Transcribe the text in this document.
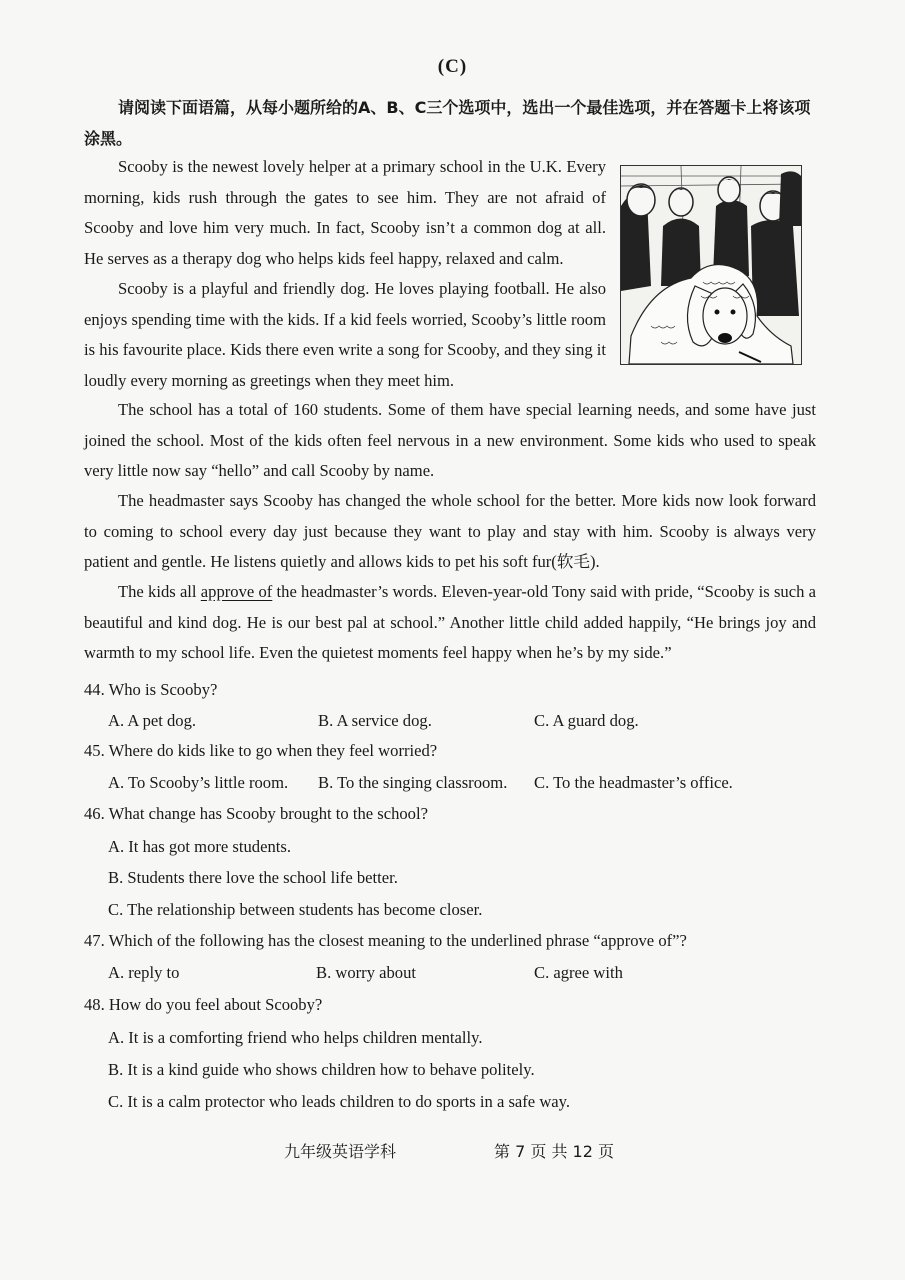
(C)

请阅读下面语篇，从每小题所给的A、B、C三个选项中，选出一个最佳选项，并在答题卡上将该项涂黑。

Scooby is the newest lovely helper at a primary school in the U.K. Every morning, kids rush through the gates to see him. They are not afraid of Scooby and love him very much. In fact, Scooby isn’t a common dog at all. He serves as a therapy dog who helps kids feel happy, relaxed and calm.

Scooby is a playful and friendly dog. He loves playing football. He also enjoys spending time with the kids. If a kid feels worried, Scooby’s little room is his favourite place. Kids there even write a song for Scooby, and they sing it loudly every morning as greetings when they meet him.

The school has a total of 160 students. Some of them have special learning needs, and some have just joined the school. Most of the kids often feel nervous in a new environment. Some kids who used to speak very little now say “hello” and call Scooby by name.

The headmaster says Scooby has changed the whole school for the better. More kids now look forward to coming to school every day just because they want to play and stay with him. Scooby is always very patient and gentle. He listens quietly and allows kids to pet his soft fur(软毛).

The kids all approve of the headmaster’s words. Eleven-year-old Tony said with pride, “Scooby is such a beautiful and kind dog. He is our best pal at school.” Another little child added happily, “He brings joy and warmth to my school life. Even the quietest moments feel happy when he’s by my side.”

44. Who is Scooby?

A. A pet dog.	B. A service dog.	C. A guard dog.

45. Where do kids like to go when they feel worried?

A. To Scooby’s little room. B. To the singing classroom. C. To the headmaster’s office.

46. What change has Scooby brought to the school?

A. It has got more students.

B. Students there love the school life better.

C. The relationship between students has become closer.

47. Which of the following has the closest meaning to the underlined phrase “approve of”?

A. reply to	B. worry about	C. agree with

48. How do you feel about Scooby?

A. It is a comforting friend who helps children mentally.

B. It is a kind guide who shows children how to behave politely.

C. It is a calm protector who leads children to do sports in a safe way.

九年级英语学科	第 7 页 共 12 页
